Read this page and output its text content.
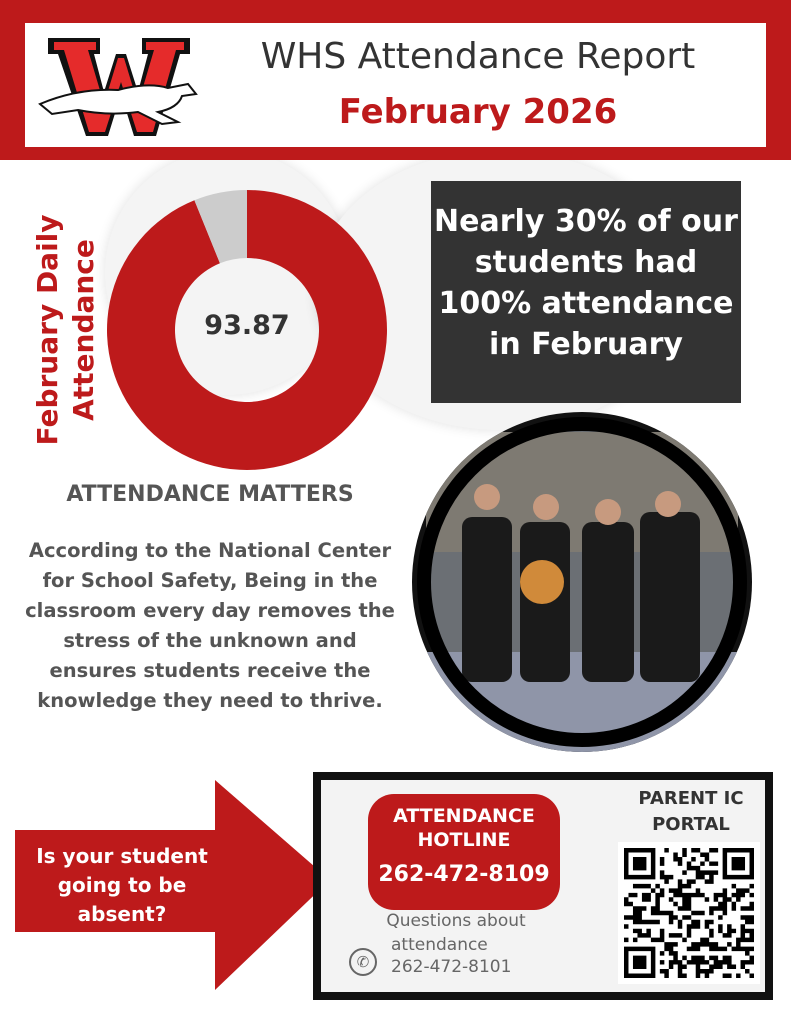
WHS Attendance Report
February 2026
February Daily Attendance	93.87
Nearly 30% of our students had 100% attendance in February
ATTENDANCE MATTERS
According to the National Center for School Safety, Being in the classroom every day removes the stress of the unknown and ensures students receive the knowledge they need to thrive.
Is your student going to be absent?
ATTENDANCE HOTLINE
262-472-8109
Questions about
attendance
262-472-8101
✆
PARENT IC PORTAL
